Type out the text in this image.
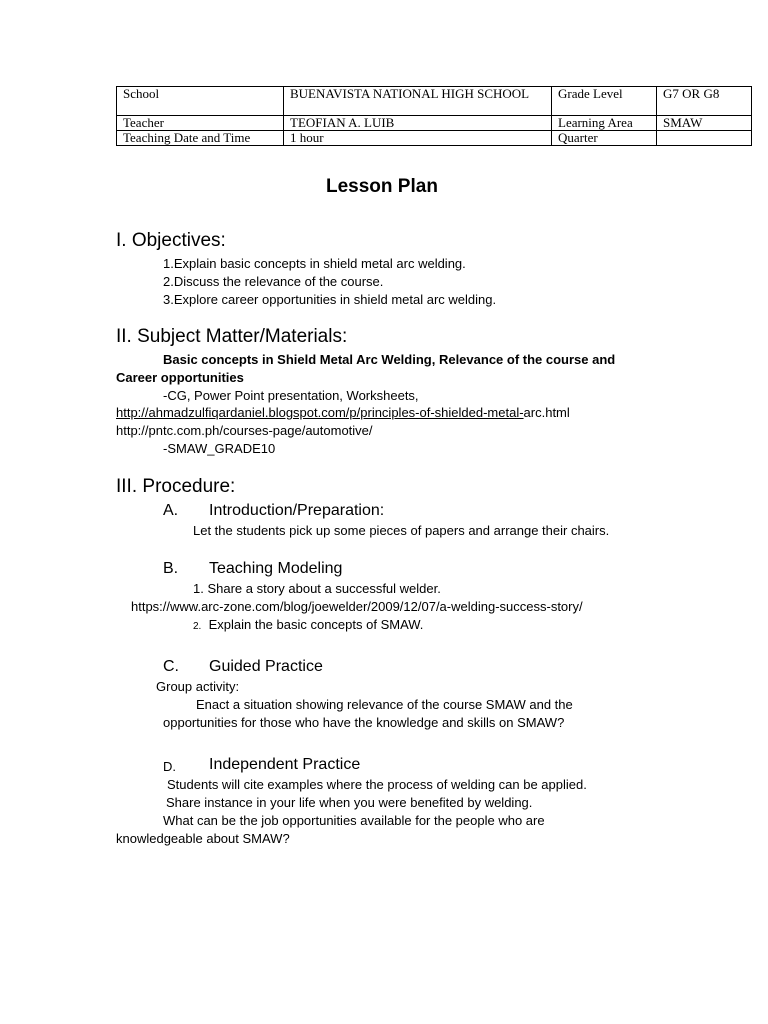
School	BUENAVISTA NATIONAL HIGH SCHOOL	Grade Level	G7 OR G8
Teacher	TEOFIAN A. LUIB	Learning Area	SMAW
Teaching Date and Time	1 hour	Quarter	
Lesson Plan
I. Objectives:
1.Explain basic concepts in shield metal arc welding.
2.Discuss the relevance of the course.
3.Explore career opportunities in shield metal arc welding.
II. Subject Matter/Materials:
Basic concepts in Shield Metal Arc Welding, Relevance of the course and
Career opportunities
-CG, Power Point presentation, Worksheets,
http://ahmadzulfiqardaniel.blogspot.com/p/principles-of-shielded-metal-arc.html
http://pntc.com.ph/courses-page/automotive/
-SMAW_GRADE10
III. Procedure:
A. Introduction/Preparation:
Let the students pick up some pieces of papers and arrange their chairs.
B. Teaching Modeling
1. Share a story about a successful welder.
https://www.arc-zone.com/blog/joewelder/2009/12/07/a-welding-success-story/
2. Explain the basic concepts of SMAW.
C. Guided Practice
Group activity:
Enact a situation showing relevance of the course SMAW and the
opportunities for those who have the knowledge and skills on SMAW?
D. Independent Practice
Students will cite examples where the process of welding can be applied.
Share instance in your life when you were benefited by welding.
What can be the job opportunities available for the people who are
knowledgeable about SMAW?
